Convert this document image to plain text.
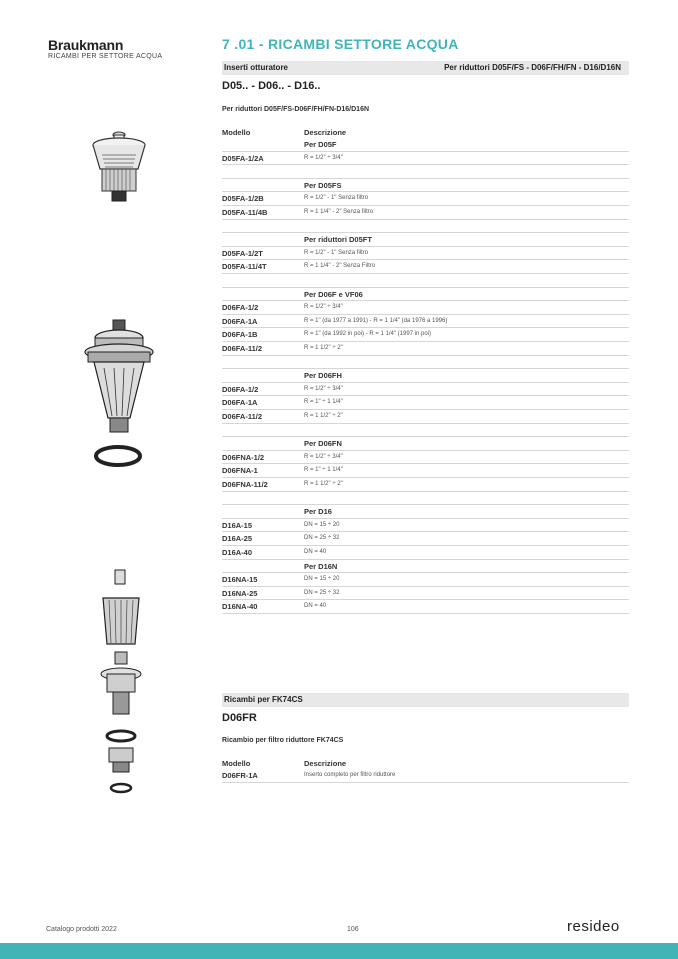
Braukmann
RICAMBI PER SETTORE ACQUA
7 .01 - RICAMBI SETTORE ACQUA
Inserti otturatore	Per riduttori D05F/FS - D06F/FH/FN - D16/D16N
D05.. - D06.. - D16..
Per riduttori D05F/FS-D06F/FH/FN-D16/D16N
Modello	Descrizione
Per D05F
D05FA-1/2A	R = 1/2" ÷ 3/4"
Per D05FS
D05FA-1/2B	R = 1/2" - 1" Senza filtro
D05FA-11/4B	R = 1 1/4" - 2" Senza filtro
Per riduttori D05FT
D05FA-1/2T	R = 1/2" - 1" Senza filtro
D05FA-11/4T	R = 1 1/4" - 2" Senza Filtro
Per D06F e VF06
D06FA-1/2	R = 1/2" ÷ 3/4"
D06FA-1A	R = 1" (da 1977 a 1991) - R = 1 1/4" (da 1976 a 1996)
D06FA-1B	R = 1" (da 1992 in poi) - R = 1 1/4" (1997 in poi)
D06FA-11/2	R = 1 1/2" ÷ 2"
Per D06FH
D06FA-1/2	R = 1/2" ÷ 3/4"
D06FA-1A	R = 1" ÷ 1 1/4"
D06FA-11/2	R = 1 1/2" ÷ 2"
Per D06FN
D06FNA-1/2	R = 1/2" ÷ 3/4"
D06FNA-1	R = 1" ÷ 1 1/4"
D06FNA-11/2	R = 1 1/2" ÷ 2"
Per D16
D16A-15	DN = 15 ÷ 20
D16A-25	DN = 25 ÷ 32
D16A-40	DN = 40
Per D16N
D16NA-15	DN = 15 ÷ 20
D16NA-25	DN = 25 ÷ 32
D16NA-40	DN = 40
Ricambi per FK74CS
D06FR
Ricambio per filtro riduttore FK74CS
Modello	Descrizione
D06FR-1A	Inserto completo per filtro riduttore
Catalogo prodotti 2022	106	resideo
